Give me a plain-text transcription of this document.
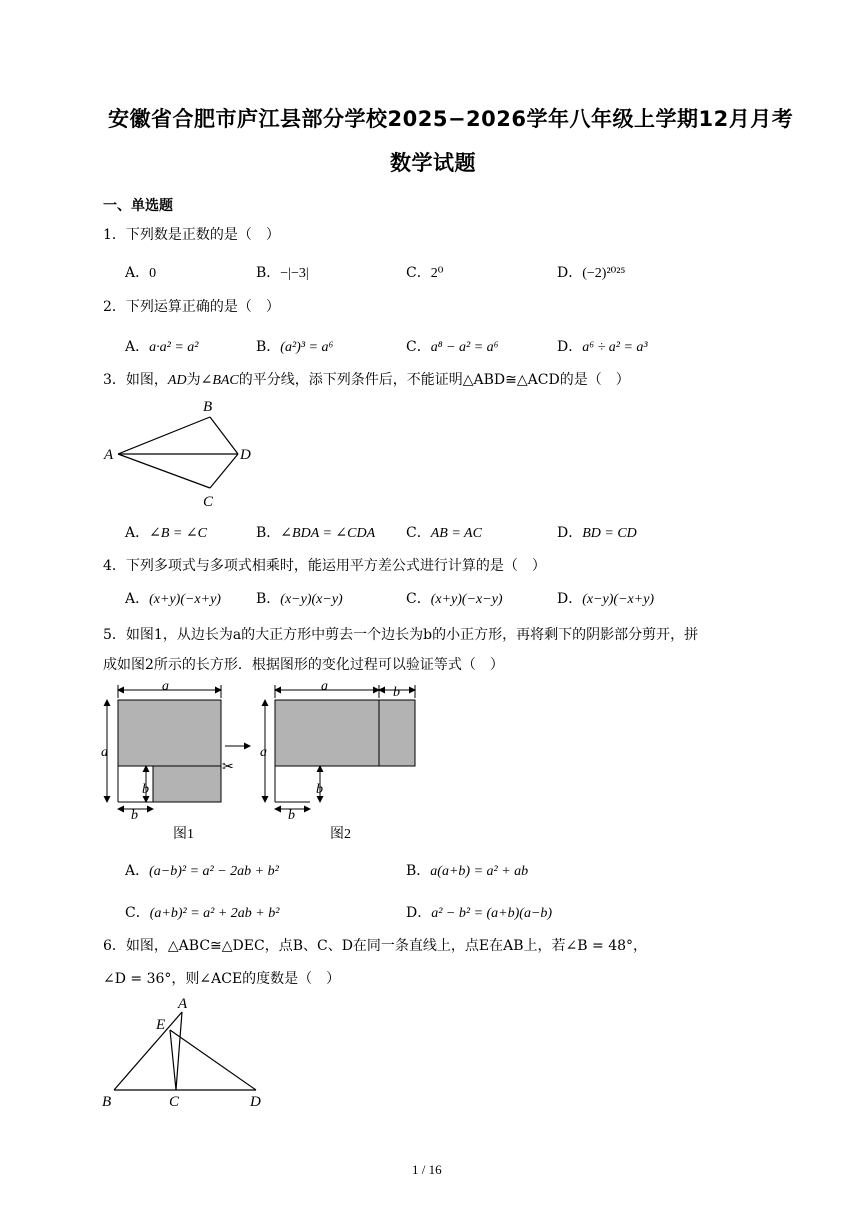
安徽省合肥市庐江县部分学校2025−2026学年八年级上学期12月月考
数学试题
一、单选题
1．下列数是正数的是（　）
A．0	B．−|−3|	C．2⁰	D．(−2)²⁰²⁵
2．下列运算正确的是（　）
A．a·a² = a²	B．(a²)³ = a⁶	C．a⁸ − a² = a⁶	D．a⁶ ÷ a² = a³
3．如图，AD为∠BAC的平分线，添下列条件后，不能证明△ABD≅△ACD的是（　）
A
B
D
C
A．∠B = ∠C	B．∠BDA = ∠CDA C．AB = AC	D．BD = CD
4．下列多项式与多项式相乘时，能运用平方差公式进行计算的是（　）
A．(x+y)(−x+y)	B．(x−y)(x−y)	C．(x+y)(−x−y)	D．(x−y)(−x+y)
5．如图1，从边长为a的大正方形中剪去一个边长为b的小正方形，再将剩下的阴影部分剪开，拼
成如图2所示的长方形．根据图形的变化过程可以验证等式（　）
a
a
b
b
✂
图1
a	b
a
b
b
图2
A．(a−b)² = a² − 2ab + b²	B．a(a+b) = a² + ab
C．(a+b)² = a² + 2ab + b²	D．a² − b² = (a+b)(a−b)
6．如图，△ABC≅△DEC，点B、C、D在同一条直线上，点E在AB上，若∠B = 48°，
∠D = 36°，则∠ACE的度数是（　）
A
E
B	C	D
1 / 16
